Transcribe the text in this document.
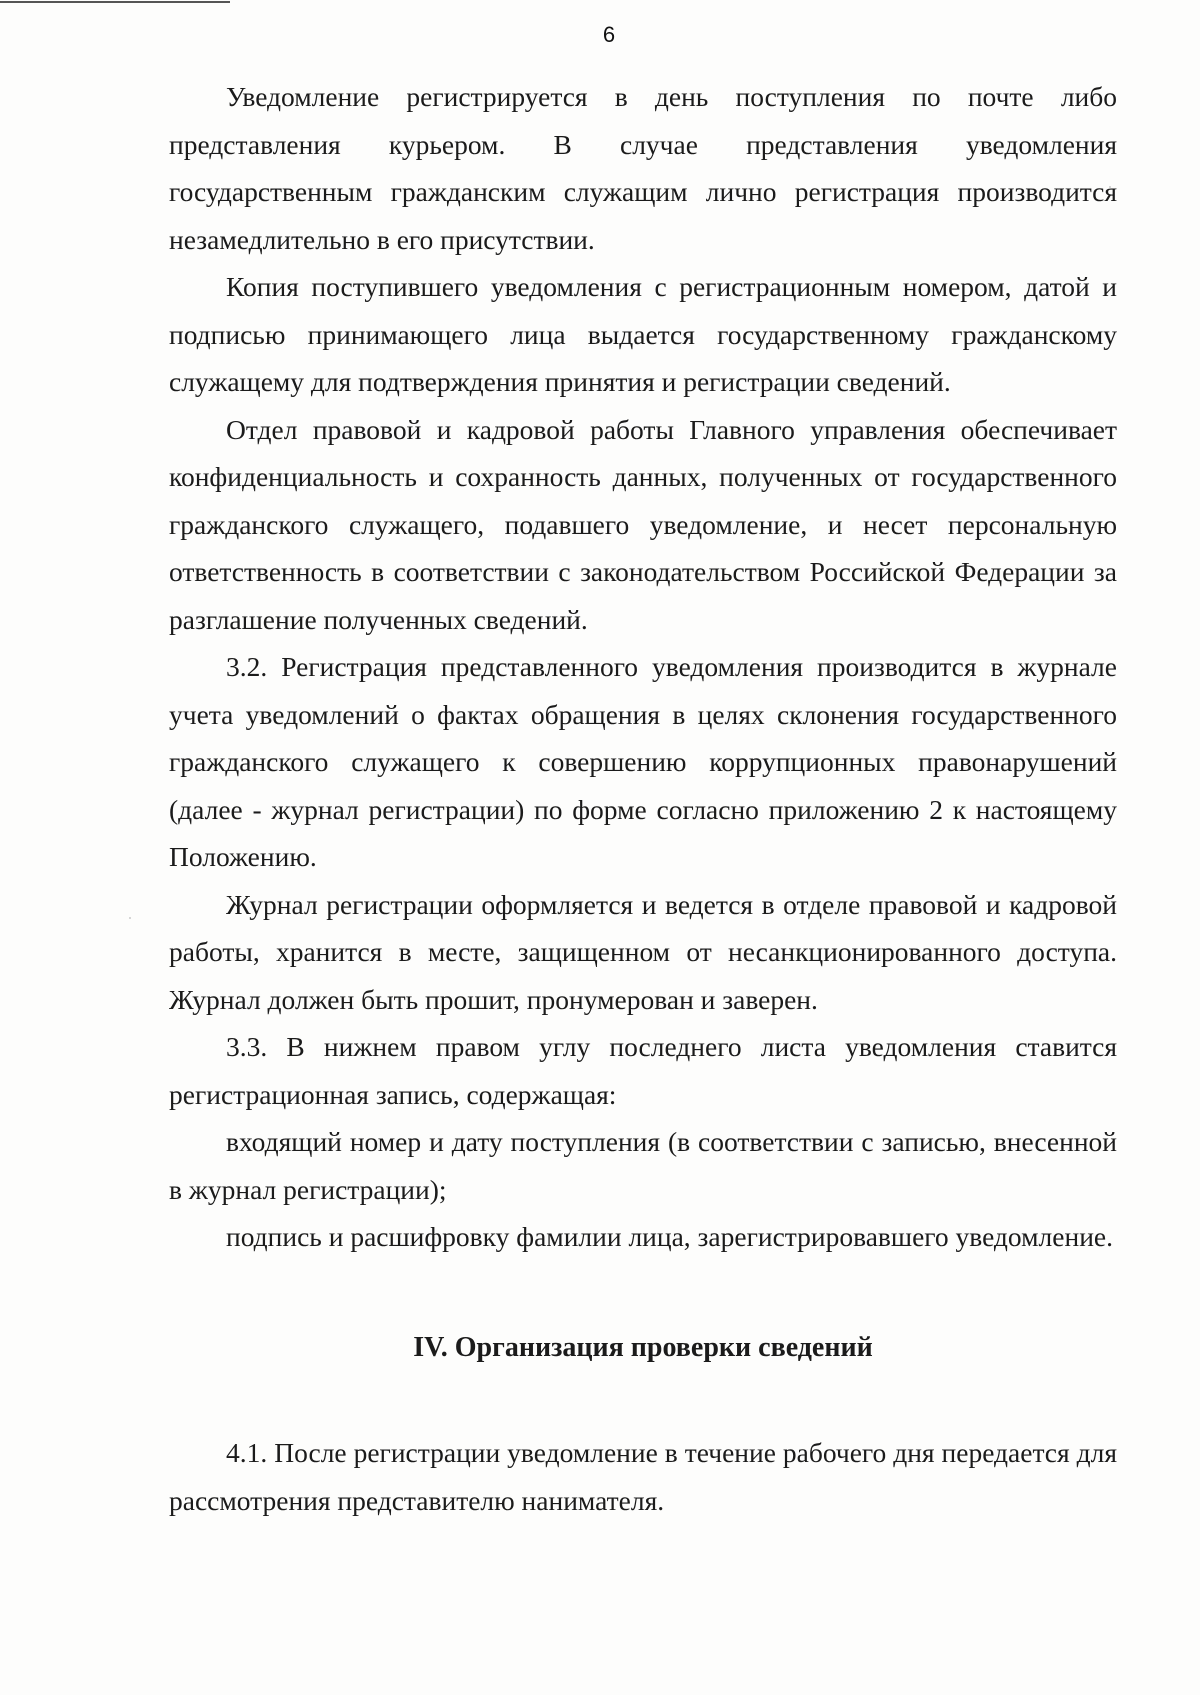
6

Уведомление регистрируется в день поступления по почте либо представления курьером. В случае представления уведомления государственным гражданским служащим лично регистрация производится незамедлительно в его присутствии.

Копия поступившего уведомления с регистрационным номером, датой и подписью принимающего лица выдается государственному гражданскому служащему для подтверждения принятия и регистрации сведений.

Отдел правовой и кадровой работы Главного управления обеспечивает конфиденциальность и сохранность данных, полученных от государственного гражданского служащего, подавшего уведомление, и несет персональную ответственность в соответствии с законодательством Российской Федерации за разглашение полученных сведений.

3.2. Регистрация представленного уведомления производится в журнале учета уведомлений о фактах обращения в целях склонения государственного гражданского служащего к совершению коррупционных правонарушений (далее - журнал регистрации) по форме согласно приложению 2 к настоящему Положению.

Журнал регистрации оформляется и ведется в отделе правовой и кадровой работы, хранится в месте, защищенном от несанкционированного доступа. Журнал должен быть прошит, пронумерован и заверен.

3.3. В нижнем правом углу последнего листа уведомления ставится регистрационная запись, содержащая:

входящий номер и дату поступления (в соответствии с записью, внесенной в журнал регистрации);

подпись и расшифровку фамилии лица, зарегистрировавшего уведомление.

IV. Организация проверки сведений

4.1. После регистрации уведомление в течение рабочего дня передается для рассмотрения представителю нанимателя.
